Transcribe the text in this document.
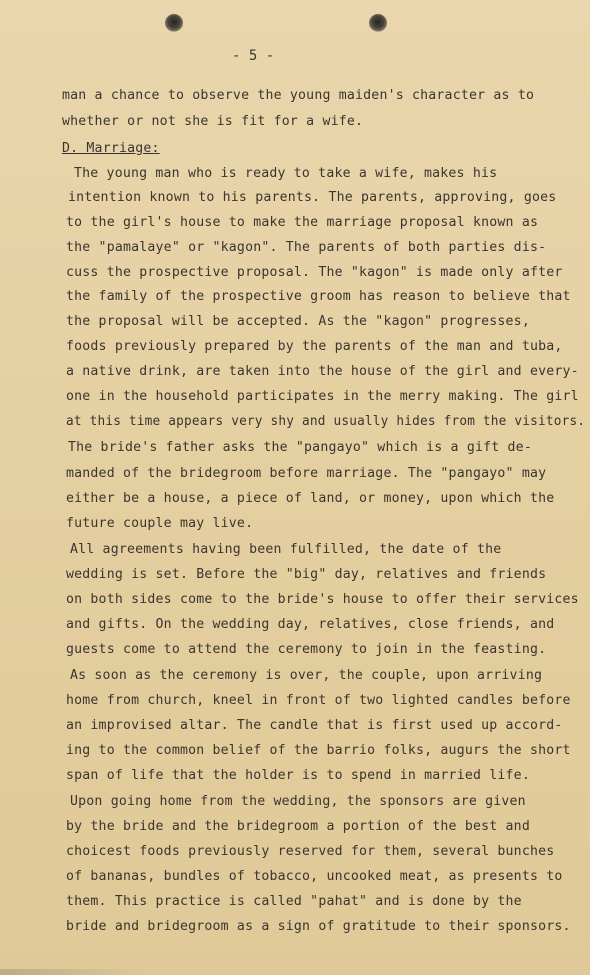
- 5 -
man a chance to observe the young maiden's character as to
whether or not she is fit for a wife.
D. Marriage:
The young man who is ready to take a wife, makes his
intention known to his parents. The parents, approving, goes
to the girl's house to make the marriage proposal known as
the "pamalaye" or "kagon". The parents of both parties dis-
cuss the prospective proposal. The "kagon" is made only after
the family of the prospective groom has reason to believe that
the proposal will be accepted. As the "kagon" progresses,
foods previously prepared by the parents of the man and tuba,
a native drink, are taken into the house of the girl and every-
one in the household participates in the merry making. The girl
at this time appears very shy and usually hides from the visitors.
The bride's father asks the "pangayo" which is a gift de-
manded of the bridegroom before marriage. The "pangayo" may
either be a house, a piece of land, or money, upon which the
future couple may live.
All agreements having been fulfilled, the date of the
wedding is set. Before the "big" day, relatives and friends
on both sides come to the bride's house to offer their services
and gifts. On the wedding day, relatives, close friends, and
guests come to attend the ceremony to join in the feasting.
As soon as the ceremony is over, the couple, upon arriving
home from church, kneel in front of two lighted candles before
an improvised altar. The candle that is first used up accord-
ing to the common belief of the barrio folks, augurs the short
span of life that the holder is to spend in married life.
Upon going home from the wedding, the sponsors are given
by the bride and the bridegroom a portion of the best and
choicest foods previously reserved for them, several bunches
of bananas, bundles of tobacco, uncooked meat, as presents to
them. This practice is called "pahat" and is done by the
bride and bridegroom as a sign of gratitude to their sponsors.
